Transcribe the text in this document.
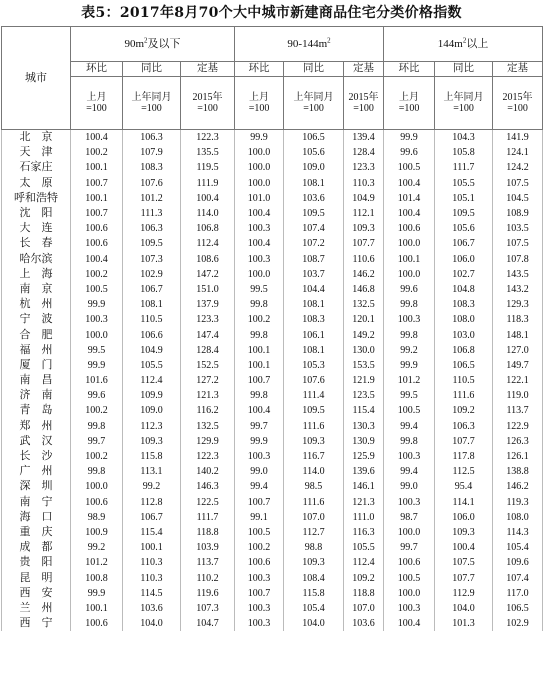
表5：2017年8月70个大中城市新建商品住宅分类价格指数
城市	$90m^2$及以下			$90-144m^2$			$144m^2$以上		
	环比	同比	定基	环比	同比	定基	环比	同比	定基
	上月
=100	上年同月
=100	2015年
=100	上月
=100	上年同月
=100	2015年
=100	上月
=100	上年同月
=100	2015年
=100
北　京	100.4	106.3	122.3	99.9	106.5	139.4	99.9	104.3	141.9
天　津	100.2	107.9	135.5	100.0	105.6	128.4	99.6	105.8	124.1
石家庄	100.1	108.3	119.5	100.0	109.0	123.3	100.5	111.7	124.2
太　原	100.7	107.6	111.9	100.0	108.1	110.3	100.4	105.5	107.5
呼和浩特	100.1	101.2	100.4	101.0	103.6	104.9	101.4	105.1	104.5
沈　阳	100.7	111.3	114.0	100.4	109.5	112.1	100.4	109.5	108.9
大　连	100.6	106.3	106.8	100.3	107.4	109.3	100.6	105.6	103.5
长　春	100.6	109.5	112.4	100.4	107.2	107.7	100.0	106.7	107.5
哈尔滨	100.4	107.3	108.6	100.3	108.7	110.6	100.1	106.0	107.8
上　海	100.2	102.9	147.2	100.0	103.7	146.2	100.0	102.7	143.5
南　京	100.5	106.7	151.0	99.5	104.4	146.8	99.6	104.8	143.2
杭　州	99.9	108.1	137.9	99.8	108.1	132.5	99.8	108.3	129.3
宁　波	100.3	110.5	123.3	100.2	108.3	120.1	100.3	108.0	118.3
合　肥	100.0	106.6	147.4	99.8	106.1	149.2	99.8	103.0	148.1
福　州	99.5	104.9	128.4	100.1	108.1	130.0	99.2	106.8	127.0
厦　门	99.9	105.5	152.5	100.1	105.3	153.5	99.9	106.5	149.7
南　昌	101.6	112.4	127.2	100.7	107.6	121.9	101.2	110.5	122.1
济　南	99.6	109.9	121.3	99.8	111.4	123.5	99.5	111.6	119.0
青　岛	100.2	109.0	116.2	100.4	109.5	115.4	100.5	109.2	113.7
郑　州	99.8	112.3	132.5	99.7	111.6	130.3	99.4	106.3	122.9
武　汉	99.7	109.3	129.9	99.9	109.3	130.9	99.8	107.7	126.3
长　沙	100.2	115.8	122.3	100.3	116.7	125.9	100.3	117.8	126.1
广　州	99.8	113.1	140.2	99.0	114.0	139.6	99.4	112.5	138.8
深　圳	100.0	99.2	146.3	99.4	98.5	146.1	99.0	95.4	146.2
南　宁	100.6	112.8	122.5	100.7	111.6	121.3	100.3	114.1	119.3
海　口	98.9	106.7	111.7	99.1	107.0	111.0	98.7	106.0	108.0
重　庆	100.9	115.4	118.8	100.5	112.7	116.3	100.0	109.3	114.3
成　都	99.2	100.1	103.9	100.2	98.8	105.5	99.7	100.4	105.4
贵　阳	101.2	110.3	113.7	100.6	109.3	112.4	100.6	107.5	109.6
昆　明	100.8	110.3	110.2	100.3	108.4	109.2	100.5	107.7	107.4
西　安	99.9	114.5	119.6	100.7	115.8	118.8	100.0	112.9	117.0
兰　州	100.1	103.6	107.3	100.3	105.4	107.0	100.3	104.0	106.5
西　宁	100.6	104.0	104.7	100.3	104.0	103.6	100.4	101.3	102.9
